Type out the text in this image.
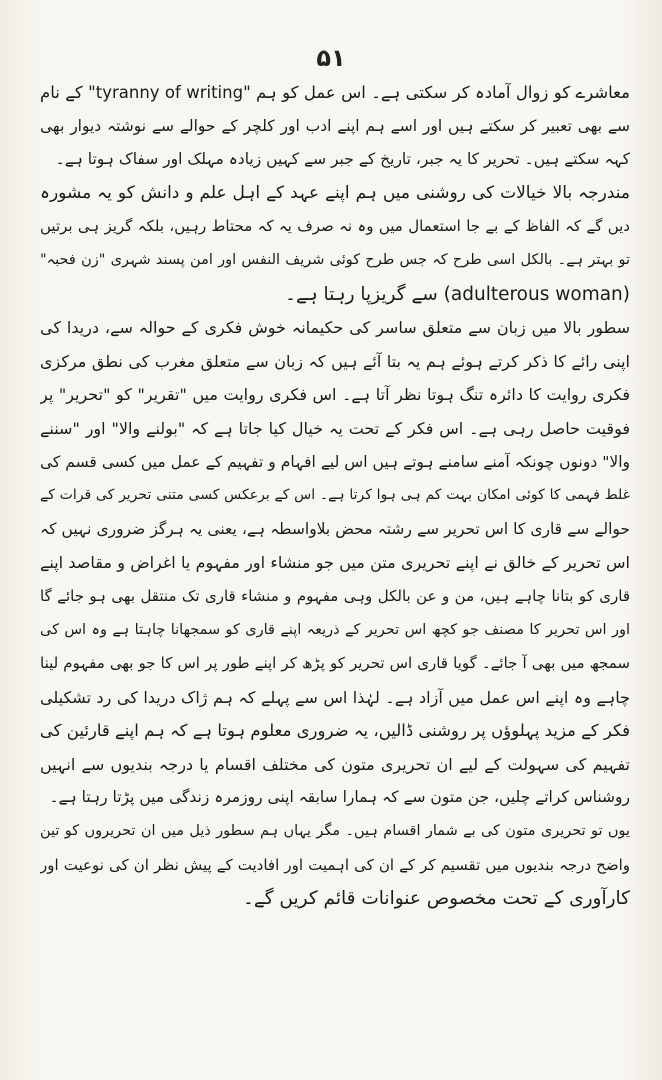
۵۱
معاشرے کو زوال آمادہ کر سکتی ہے۔ اس عمل کو ہم "tyranny of writing" کے نام
سے بھی تعبیر کر سکتے ہیں اور اسے ہم اپنے ادب اور کلچر کے حوالے سے نوشتہ دیوار بھی
کہہ سکتے ہیں۔ تحریر کا یہ جبر، تاریخ کے جبر سے کہیں زیادہ مہلک اور سفاک ہوتا ہے۔
مندرجہ بالا خیالات کی روشنی میں ہم اپنے عہد کے اہل علم و دانش کو یہ مشورہ
دیں گے کہ الفاظ کے بے جا استعمال میں وہ نہ صرف یہ کہ محتاط رہیں، بلکہ گریز ہی برتیں
تو بہتر ہے۔ بالکل اسی طرح کہ جس طرح کوئی شریف النفس اور امن پسند شہری "زن فحبہ"
(adulterous woman) سے گریزپا رہتا ہے۔
سطور بالا میں زبان سے متعلق ساسر کی حکیمانہ خوش فکری کے حوالہ سے، دریدا کی
اپنی رائے کا ذکر کرتے ہوئے ہم یہ بتا آئے ہیں کہ زبان سے متعلق مغرب کی نطق مرکزی
فکری روایت کا دائرہ تنگ ہوتا نظر آتا ہے۔ اس فکری روایت میں "تقریر" کو "تحریر" پر
فوقیت حاصل رہی ہے۔ اس فکر کے تحت یہ خیال کیا جاتا ہے کہ "بولنے والا" اور "سننے
والا" دونوں چونکہ آمنے سامنے ہوتے ہیں اس لیے افہام و تفہیم کے عمل میں کسی قسم کی
غلط فہمی کا کوئی امکان بہت کم ہی ہوا کرتا ہے۔ اس کے برعکس کسی متنی تحریر کی قرات کے
حوالے سے قاری کا اس تحریر سے رشتہ محض بلاواسطہ ہے، یعنی یہ ہرگز ضروری نہیں کہ
اس تحریر کے خالق نے اپنے تحریری متن میں جو منشاء اور مفہوم یا اغراض و مقاصد اپنے
قاری کو بتانا چاہے ہیں، من و عن بالکل وہی مفہوم و منشاء قاری تک منتقل بھی ہو جائے گا
اور اس تحریر کا مصنف جو کچھ اس تحریر کے ذریعہ اپنے قاری کو سمجھانا چاہتا ہے وہ اس کی
سمجھ میں بھی آ جائے۔ گویا قاری اس تحریر کو پڑھ کر اپنے طور پر اس کا جو بھی مفہوم لینا
چاہے وہ اپنے اس عمل میں آزاد ہے۔ لہٰذا اس سے پہلے کہ ہم ژاک دریدا کی رد تشکیلی
فکر کے مزید پہلوؤں پر روشنی ڈالیں، یہ ضروری معلوم ہوتا ہے کہ ہم اپنے قارئین کی
تفہیم کی سہولت کے لیے ان تحریری متون کی مختلف اقسام یا درجہ بندیوں سے انہیں
روشناس کراتے چلیں، جن متون سے کہ ہمارا سابقہ اپنی روزمرہ زندگی میں پڑتا رہتا ہے۔
یوں تو تحریری متون کی بے شمار اقسام ہیں۔ مگر یہاں ہم سطور ذیل میں ان تحریروں کو تین
واضح درجہ بندیوں میں تقسیم کر کے ان کی اہمیت اور افادیت کے پیش نظر ان کی نوعیت اور
کارآوری کے تحت مخصوص عنوانات قائم کریں گے۔
